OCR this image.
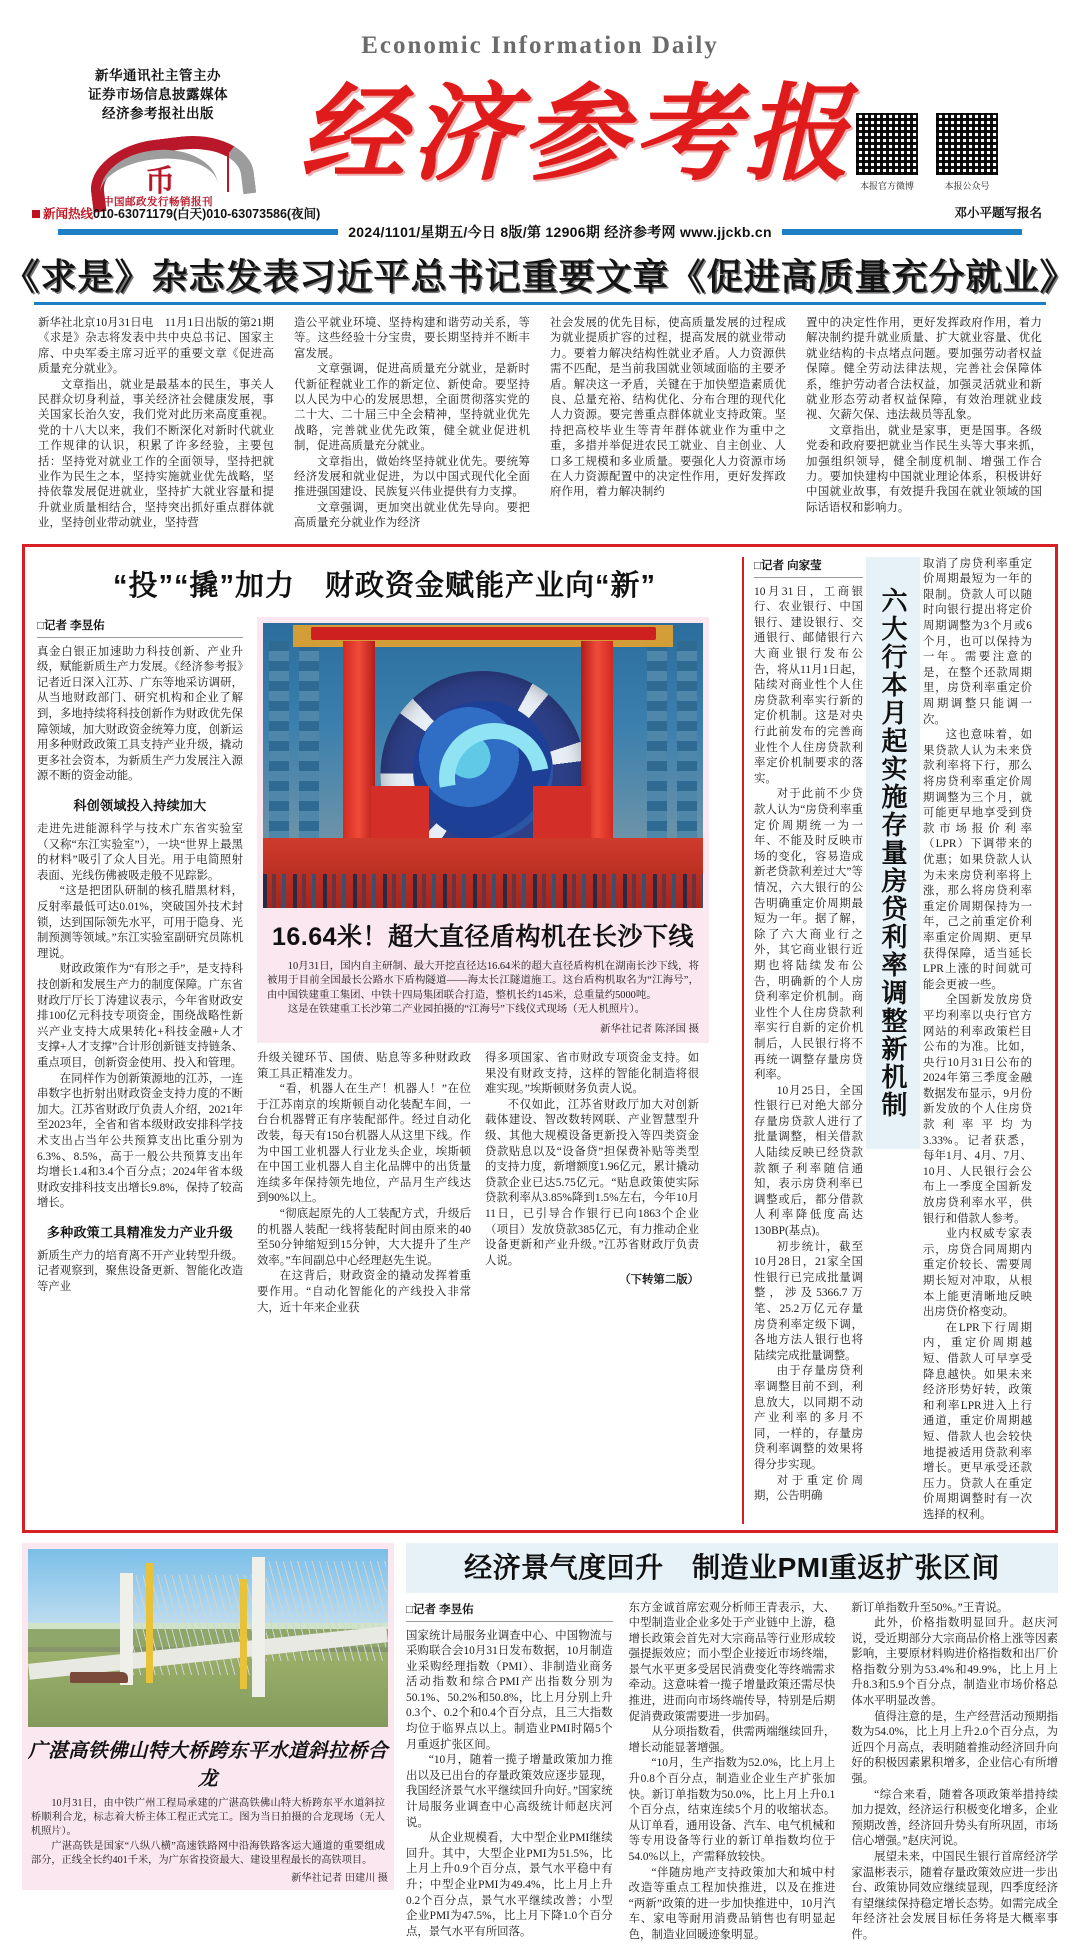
Economic Information Daily
新华通讯社主管主办
证券市场信息披露媒体
经济参考报社出版
币
中国邮政发行畅销报刊
新闻热线010-63071179(白天)010-63073586(夜间)
经济参考报 本报官方微博	本报公众号
邓小平题写报名
2024/1101/星期五/今日 8版/第 12906期 经济参考网 www.jjckb.cn
《求是》杂志发表习近平总书记重要文章《促进高质量充分就业》

新华社北京10月31日电　11月1日出版的第21期《求是》杂志将发表中共中央总书记、国家主席、中央军委主席习近平的重要文章《促进高质量充分就业》。

文章指出，就业是最基本的民生，事关人民群众切身利益，事关经济社会健康发展，事关国家长治久安，我们党对此历来高度重视。党的十八大以来，我们不断深化对新时代就业工作规律的认识，积累了许多经验，主要包括：坚持党对就业工作的全面领导，坚持把就业作为民生之本，坚持实施就业优先战略，坚持依靠发展促进就业，坚持扩大就业容量和提升就业质量相结合，坚持突出抓好重点群体就业，坚持创业带动就业，坚持营

造公平就业环境、坚持构建和谐劳动关系，等等。这些经验十分宝贵，要长期坚持并不断丰富发展。

文章强调，促进高质量充分就业，是新时代新征程就业工作的新定位、新使命。要坚持以人民为中心的发展思想，全面贯彻落实党的二十大、二十届三中全会精神，坚持就业优先战略，完善就业优先政策，健全就业促进机制，促进高质量充分就业。

文章指出，做始终坚持就业优先。要统筹经济发展和就业促进，为以中国式现代化全面推进强国建设、民族复兴伟业提供有力支撑。

文章强调，更加突出就业优先导向。要把高质量充分就业作为经济

社会发展的优先目标，使高质量发展的过程成为就业提质扩容的过程，提高发展的就业带动力。要着力解决结构性就业矛盾。人力资源供需不匹配，是当前我国就业领域面临的主要矛盾。解决这一矛盾，关键在于加快塑造素质优良、总量充裕、结构优化、分布合理的现代化人力资源。要完善重点群体就业支持政策。坚持把高校毕业生等青年群体就业作为重中之重，多措并举促进农民工就业、自主创业、人口多工规模和多业质量。要强化人力资源市场在人力资源配置中的决定性作用，更好发挥政府作用，着力解决制约

置中的决定性作用，更好发挥政府作用，着力解决制约提升就业质量、扩大就业容量、优化就业结构的卡点堵点问题。要加强劳动者权益保障。健全劳动法律法规，完善社会保障体系，维护劳动者合法权益，加强灵活就业和新就业形态劳动者权益保障，有效治理就业歧视、欠薪欠保、违法裁员等乱象。

文章指出，就业是家事，更是国事。各级党委和政府要把就业当作民生头等大事来抓，加强组织领导，健全制度机制、增强工作合力。要加快建构中国就业理论体系，积极讲好中国就业故事，有效提升我国在就业领域的国际话语权和影响力。

“投”“撬”加力　财政资金赋能产业向“新”
□记者 李昱佑

真金白银正加速助力科技创新、产业升级，赋能新质生产力发展。《经济参考报》记者近日深入江苏、广东等地采访调研，从当地财政部门、研究机构和企业了解到，多地持续将科技创新作为财政优先保障领域，加大财政资金统筹力度，创新运用多种财政政策工具支持产业升级，撬动更多社会资本，为新质生产力发展注入源源不断的资金动能。

科创领域投入持续加大

走进先进能源科学与技术广东省实验室（又称“东江实验室”），一块“世界上最黑的材料”吸引了众人目光。用于电简照射表面、光线伤佛被吸走般不见踪影。

“这是把团队研制的核孔腊黑材料，反射率最低可达0.01%，突破国外技术封锁，达到国际领先水平，可用于隐身、光制预测等领域。”东江实验室副研究员陈机理说。

财政政策作为“有形之手”，是支持科技创新和发展生产力的制度保障。广东省财政厅厅长丁涛建议表示，今年省财政安排100亿元科技专项资金，围绕战略性新兴产业支持大成果转化+科技金融+人才支撑+人才支撑”合计形创新链支持链条、重点项目，创新资金使用、投入和管理。

在同样作为创新策源地的江苏，一连串数字也折射出财政资金支持力度的不断加大。江苏省财政厅负责人介绍，2021年至2023年，全省和省本级财政安排科学技术支出占当年公共预算支出比重分别为6.3%、8.5%，高于一般公共预算支出年均增长1.4和3.4个百分点；2024年省本级财政安排科技支出增长9.8%，保持了较高增长。

多种政策工具精准发力产业升级

新质生产力的培育离不开产业转型升级。记者观察到，聚焦设备更新、智能化改造等产业

16.64米！超大直径盾构机在长沙下线

10月31日，国内自主研制、最大开挖直径达16.64米的超大直径盾构机在湖南长沙下线，将被用于目前全国最长公路水下盾构隧道——海太长江隧道施工。这台盾构机取名为“江海号”，由中国铁建重工集团、中铁十四局集团联合打造，整机长约145米，总重量约5000吨。

这是在铁建重工长沙第二产业园拍摄的“江海号”下线仪式现场（无人机照片）。

新华社记者 陈泽国 摄

升级关键环节、国债、贴息等多种财政政策工具正精准发力。

“看，机器人在生产！机器人！”在位于江苏南京的埃斯顿自动化装配车间，一台台机器臂正有序装配部件。经过自动化改装，每天有150台机器人从这里下线。作为中国工业机器人行业龙头企业，埃斯顿在中国工业机器人自主化品牌中的出货量连续多年保持领先地位，产品月生产线达到90%以上。

“彻底起原先的人工装配方式，升级后的机器人装配一线将装配时间由原来的40至50分钟缩短到15分钟，大大提升了生产效率。”车间副总中心经理赵先生说。

在这背后，财政资金的撬动发挥着重要作用。“自动化智能化的产线投入非常大，近十年来企业获

得多项国家、省市财政专项资金支持。如果没有财政支持，这样的智能化制造将很难实现。”埃斯顿财务负责人说。

不仅如此，江苏省财政厅加大对创新载体建设、智改数转网联、产业智慧型升级、其他大规模设备更新投入等四类资金贷款贴息以及“设备贷”担保费补贴等类型的支持力度，新增额度1.96亿元，累计撬动贷款企业已达5.75亿元。“贴息政策使实际贷款利率从3.85%降到1.5%左右，今年10月11日，已引导合作银行已向1863个企业（项目）发放贷款385亿元，有力推动企业设备更新和产业升级。”江苏省财政厅负责人说。

（下转第二版）
□记者 向家莹

10月31日，工商银行、农业银行、中国银行、建设银行、交通银行、邮储银行六大商业银行发布公告，将从11月1日起，陆续对商业性个人住房贷款利率实行新的定价机制。这是对央行此前发布的完善商业性个人住房贷款利率定价机制要求的落实。

对于此前不少贷款人认为“房贷利率重定价周期统一为一年、不能及时反映市场的变化，容易造成新老贷款利差过大”等情况，六大银行的公告明确重定价周期最短为一年。据了解，除了六大商业行之外，其它商业银行近期也将陆续发布公告，明确新的个人房贷利率定价机制。商业性个人住房贷款利率实行自新的定价机制后，人民银行将不再统一调整存量房贷利率。

10月25日，全国性银行已对绝大部分存量房贷款人进行了批量调整，相关借款人陆续反映已经贷款款额子利率随信通知，表示房贷利率已调整或后，都分借款人利率降低度高达130BP(基点)。

初步统计，截至10月28日，21家全国性银行已完成批量调整，涉及5366.7万笔、25.2万亿元存量房贷利率定级下调，各地方法人银行也将陆续完成批量调整。

由于存量房贷利率调整目前不到，利息放大，以同期不动产业利率的多月不同，一样的，存量房贷利率调整的效果将得分步实现。

对于重定价周期，公告明确

六大行本月起实施存量房贷利率调整新机制

取消了房贷利率重定价周期最短为一年的限制。贷款人可以随时向银行提出将定价周期调整为3个月或6个月，也可以保持为一年。需要注意的是，在整个还款周期里，房贷利率重定价周期调整只能调一次。

这也意味着，如果贷款人认为未来贷款利率将下行，那么将房贷利率重定价周期调整为三个月，就可能更早地享受到贷款市场报价利率（LPR）下调带来的优惠；如果贷款人认为未来房贷利率将上涨，那么将房贷利率重定价周期保持为一年，己之前重定价利率重定价周期、更早获得保障，适当延长LPR上涨的时间就可能会更被一些。

全国新发放房贷平均利率以央行官方网站的利率政策栏目公布的为准。比如，央行10月31日公布的2024年第三季度金融数据发布显示，9月份新发放的个人住房贷款利率平均为3.33%。记者获悉，每年1月、4月、7月、10月、人民银行会公布上一季度全国新发放房贷利率水平，供银行和借款人参考。

业内权威专家表示，房贷合同周期内重定价较长、需要周期长短对冲取，从根本上能更清晰地反映出房贷价格变动。

在LPR下行周期内，重定价周期越短、借款人可早享受降息越快。如果未来经济形势好转，政策和利率LPR进入上行通道，重定价周期越短、借款人也会较快地提被适用贷款利率增长。更早承受还款压力。贷款人在重定价周期调整时有一次选择的权利。

广湛高铁佛山特大桥跨东平水道斜拉桥合龙

10月31日，由中铁广州工程局承建的广湛高铁佛山特大桥跨东平水道斜拉桥顺利合龙，标志着大桥主体工程正式完工。图为当日拍摄的合龙现场（无人机照片）。

广湛高铁是国家“八纵八横”高速铁路网中沿海铁路客运大通道的重要组成部分，正线全长约401千米，为广东省投资最大、建设里程最长的高铁项目。

新华社记者 田建川 摄
经济景气度回升　制造业PMI重返扩张区间
□记者 李昱佑

国家统计局服务业调查中心、中国物流与采购联合会10月31日发布数据，10月制造业采购经理指数（PMI）、非制造业商务活动指数和综合PMI产出指数分别为50.1%、50.2%和50.8%，比上月分别上升0.3个、0.2个和0.4个百分点，且三大指数均位于临界点以上。制造业PMI时隔5个月重返扩张区间。

“10月，随着一揽子增量政策加力推出以及已出台的存量政策效应逐步显现，我国经济景气水平继续回升向好。”国家统计局服务业调查中心高级统计师赵庆河说。

从企业规模看，大中型企业PMI继续回升。其中，大型企业PMI为51.5%，比上月上升0.9个百分点，景气水平稳中有升；中型企业PMI为49.4%，比上月上升0.2个百分点，景气水平继续改善；小型企业PMI为47.5%，比上月下降1.0个百分点，景气水平有所回落。

东方金诚首席宏观分析师王青表示，大、中型制造业企业多处于产业链中上游，稳增长政策会首先对大宗商品等行业形成较强提振效应；而小型企业接近市场终端，景气水平更多受居民消费变化等终端需求牵动。这意味着一揽子增量政策还需尽快推进，进而向市场终端传导，特别是后期促消费政策需要进一步加码。

从分项指数看，供需两端继续回升，增长动能显著增强。

“10月，生产指数为52.0%，比上月上升0.8个百分点，制造业企业生产扩张加快。新订单指数为50.0%，比上月上升0.1个百分点，结束连续5个月的收缩状态。从订单看，通用设备、汽车、电气机械和等专用设备等行业的新订单指数均位于54.0%以上，产需释放较快。

“伴随房地产支持政策加大和城中村改造等重点工程加快推进，以及在推进“两新”政策的进一步加快推进中，10月汽车、家电等耐用消费品销售也有明显起色，制造业回暖迹象明显。

新订单指数升至50%。”王青说。

此外，价格指数明显回升。赵庆河说，受近期部分大宗商品价格上涨等因素影响，主要原材料购进价格指数和出厂价格指数分别为53.4%和49.9%，比上月上升8.3和5.9个百分点，制造业市场价格总体水平明显改善。

值得注意的是，生产经营活动预期指数为54.0%，比上月上升2.0个百分点，为近四个月高点，表明随着推动经济回升向好的积极因素累积增多，企业信心有所增强。

“综合来看，随着各项政策举措持续加力提效，经济运行积极变化增多，企业预期改善，经济回升势头有所巩固，市场信心增强。”赵庆河说。

展望未来，中国民生银行首席经济学家温彬表示，随着存量政策效应进一步出台、政策协同效应继续显现，四季度经济有望继续保持稳定增长态势。如需完成全年经济社会发展目标任务将是大概率事件。
